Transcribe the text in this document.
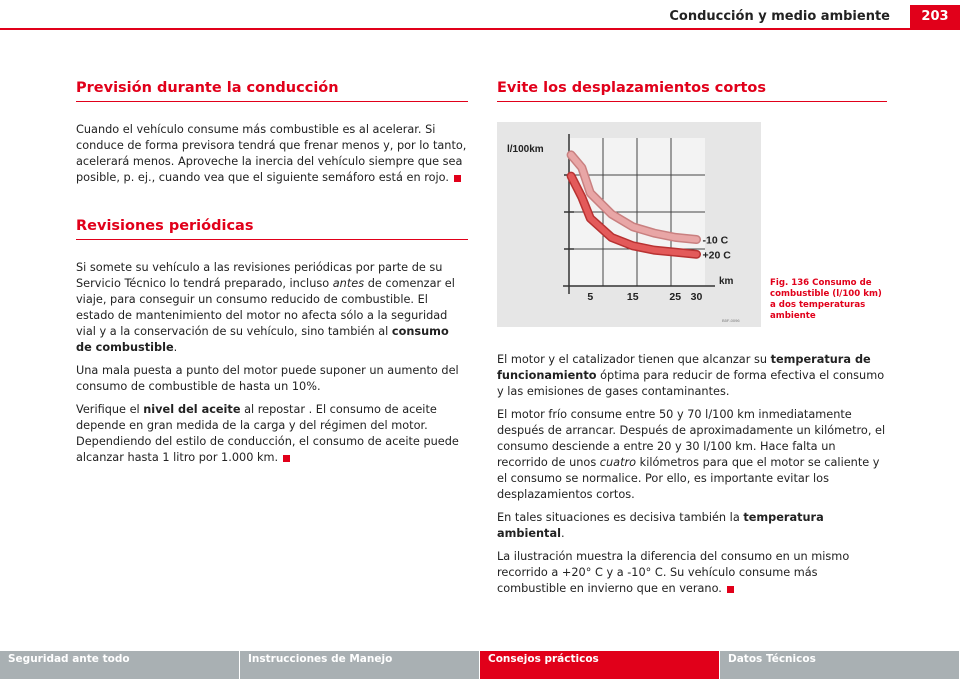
Conducción y medio ambiente	203
Previsión durante la conducción

Cuando el vehículo consume más combustible es al acelerar. Si conduce de forma previsora tendrá que frenar menos y, por lo tanto, acelerará menos. Aproveche la inercia del vehículo siempre que sea posible, p. ej., cuando vea que el siguiente semáforo está en rojo.

Revisiones periódicas

Si somete su vehículo a las revisiones periódicas por parte de su Servicio Técnico lo tendrá preparado, incluso antes de comenzar el viaje, para conseguir un consumo reducido de combustible. El estado de mantenimiento del motor no afecta sólo a la seguridad vial y a la conservación de su vehículo, sino también al consumo de combustible.

Una mala puesta a punto del motor puede suponer un aumento del consumo de combustible de hasta un 10%.

Verifique el nivel del aceite al repostar . El consumo de aceite depende en gran medida de la carga y del régimen del motor. Dependiendo del estilo de conducción, el consumo de aceite puede alcanzar hasta 1 litro por 1.000 km.

Evite los desplazamientos cortos
-10 C
+20 C
l/100km
km
5	15	25 30
B5F-0096
Fig. 136 Consumo de combustible (l/100 km) a dos temperaturas ambiente

El motor y el catalizador tienen que alcanzar su temperatura de funcionamiento óptima para reducir de forma efectiva el consumo y las emisiones de gases contaminantes.

El motor frío consume entre 50 y 70 l/100 km inmediatamente después de arrancar. Después de aproximadamente un kilómetro, el consumo desciende a entre 20 y 30 l/100 km. Hace falta un recorrido de unos cuatro kilómetros para que el motor se caliente y el consumo se normalice. Por ello, es importante evitar los desplazamientos cortos.

En tales situaciones es decisiva también la temperatura ambiental.

La ilustración muestra la diferencia del consumo en un mismo recorrido a +20° C y a -10° C. Su vehículo consume más combustible en invierno que en verano.

Seguridad ante todo	Instrucciones de Manejo	Consejos prácticos	Datos Técnicos
